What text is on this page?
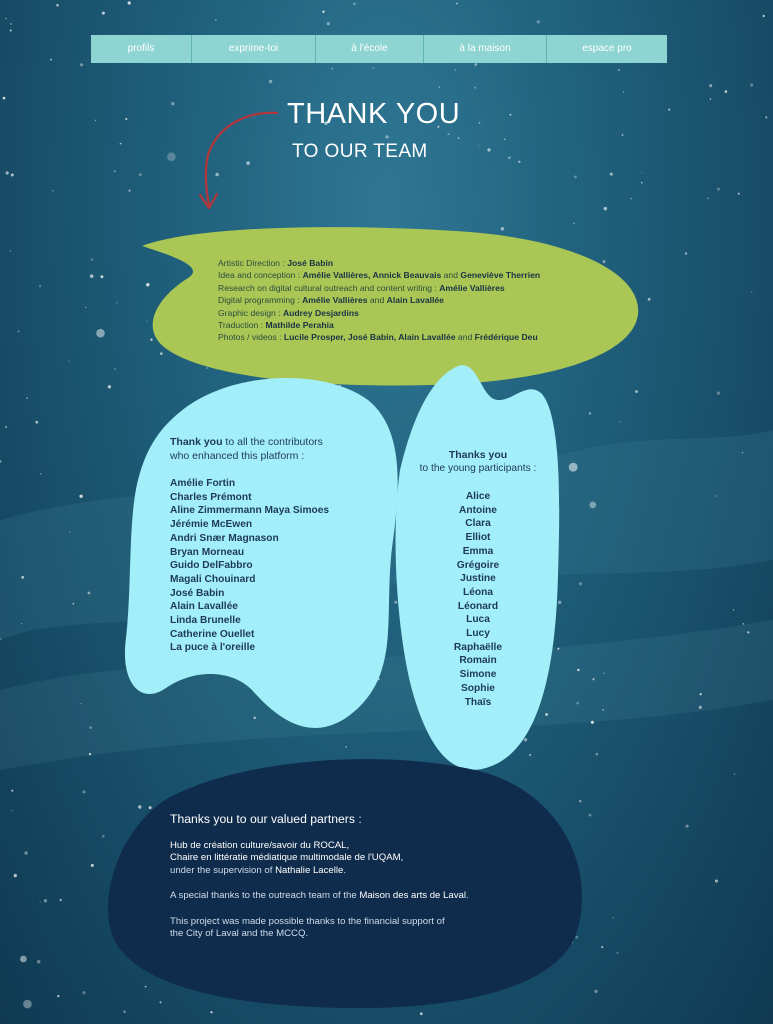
profils	exprime-toi	à l'école	à la maison	espace pro
THANK YOU
TO OUR TEAM
Artistic Direction : José Babin
Idea and conception : Amélie Vallières, Annick Beauvais and Geneviève Therrien
Research on digital cultural outreach and content writing : Amélie Vallières
Digital programming : Amélie Vallières and Alain Lavallée
Graphic design : Audrey Desjardins
Traduction : Mathilde Perahia
Photos / videos : Lucile Prosper, José Babin, Alain Lavallée and Frédérique Deu
Thank you to all the contributors
who enhanced this platform :
Amélie Fortin
Charles Prémont
Aline Zimmermann Maya Simoes
Jérémie McEwen
Andri Snær Magnason
Bryan Morneau
Guido DelFabbro
Magali Chouinard
José Babin
Alain Lavallée
Linda Brunelle
Catherine Ouellet
La puce à l'oreille
Thanks you
to the young participants :
Alice
Antoine
Clara
Elliot
Emma
Grégoire
Justine
Léona
Léonard
Luca
Lucy
Raphaëlle
Romain
Simone
Sophie
Thaïs
Thanks you to our valued partners :
Hub de création culture/savoir du ROCAL,
Chaire en littératie médiatique multimodale de l'UQAM,
under the supervision of Nathalie Lacelle.
A special thanks to the outreach team of the Maison des arts de Laval.
This project was made possible thanks to the financial support of
the City of Laval and the MCCQ.
